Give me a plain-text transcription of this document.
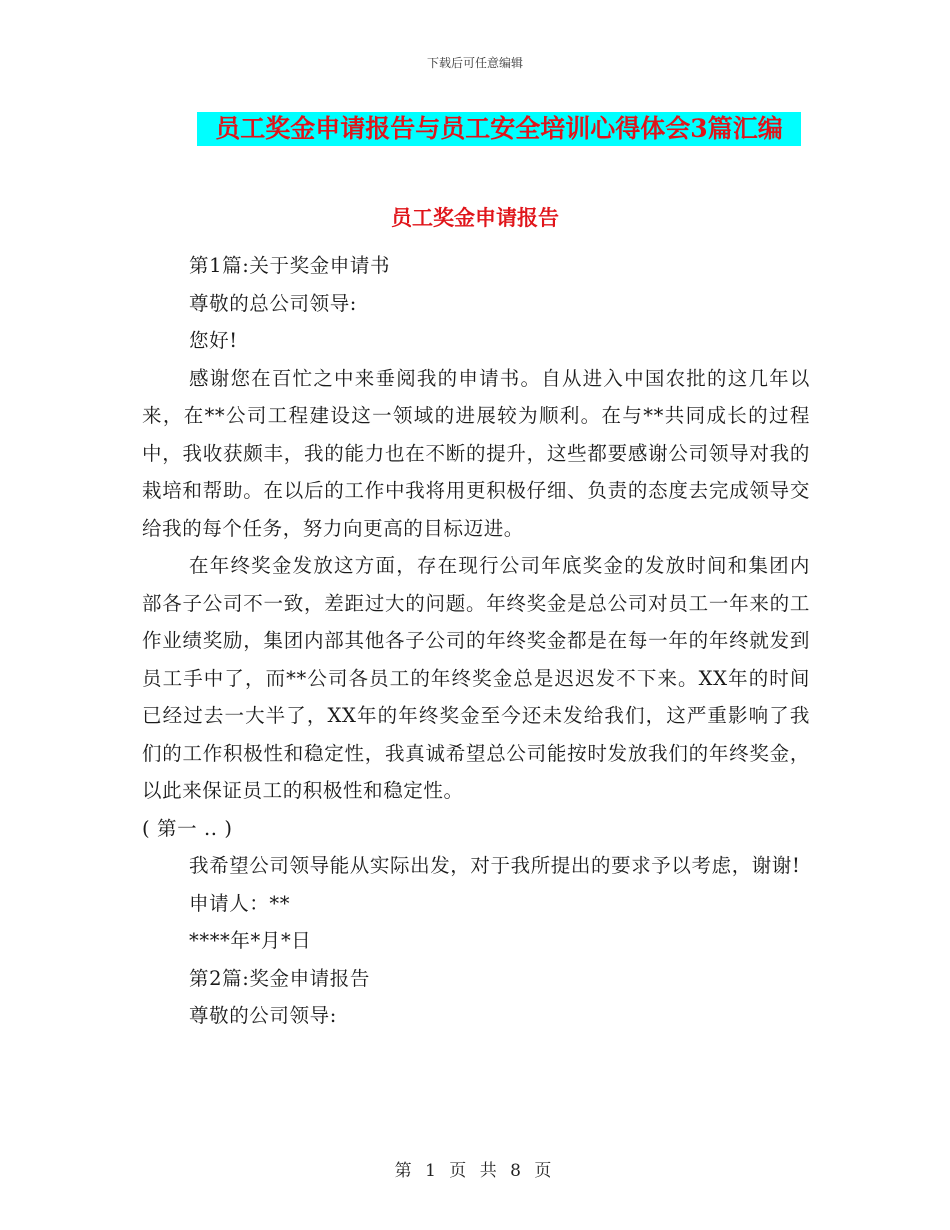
下载后可任意编辑
员工奖金申请报告与员工安全培训心得体会3篇汇编
员工奖金申请报告

第1篇:关于奖金申请书

尊敬的总公司领导:

您好!

感谢您在百忙之中来垂阅我的申请书。自从进入中国农批的这几年以来，在**公司工程建设这一领域的进展较为顺利。在与**共同成长的过程中，我收获颇丰，我的能力也在不断的提升，这些都要感谢公司领导对我的栽培和帮助。在以后的工作中我将用更积极仔细、负责的态度去完成领导交给我的每个任务，努力向更高的目标迈进。

在年终奖金发放这方面，存在现行公司年底奖金的发放时间和集团内部各子公司不一致，差距过大的问题。年终奖金是总公司对员工一年来的工作业绩奖励，集团内部其他各子公司的年终奖金都是在每一年的年终就发到员工手中了，而**公司各员工的年终奖金总是迟迟发不下来。XX年的时间已经过去一大半了，XX年的年终奖金至今还未发给我们，这严重影响了我们的工作积极性和稳定性，我真诚希望总公司能按时发放我们的年终奖金，以此来保证员工的积极性和稳定性。

( 第一 .. )

我希望公司领导能从实际出发，对于我所提出的要求予以考虑，谢谢!

申请人：**

****年*月*日

第2篇:奖金申请报告

尊敬的公司领导:

第 1 页 共 8 页
